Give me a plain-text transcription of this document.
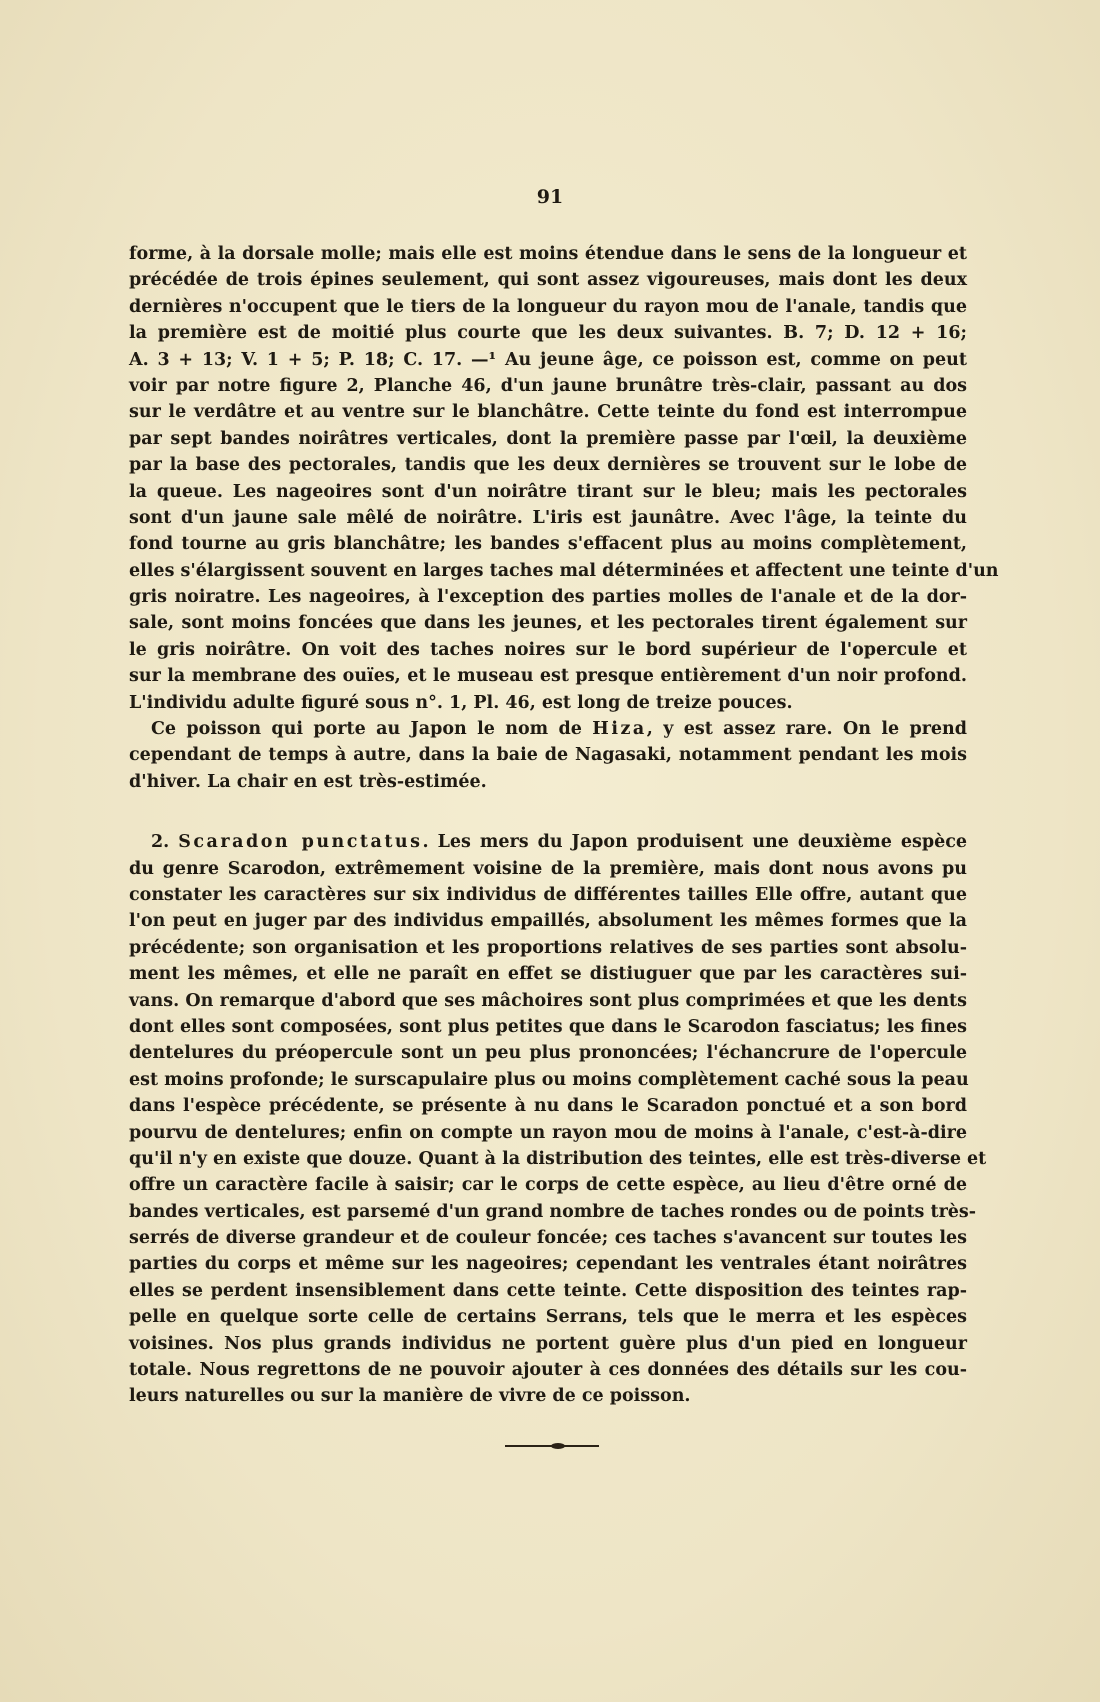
91
forme, à la dorsale molle; mais elle est moins étendue dans le sens de la longueur et
précédée de trois épines seulement, qui sont assez vigoureuses, mais dont les deux
dernières n'occupent que le tiers de la longueur du rayon mou de l'anale, tandis que
la première est de moitié plus courte que les deux suivantes. B. 7; D. 12 + 16;
A. 3 + 13; V. 1 + 5; P. 18; C. 17. —¹ Au jeune âge, ce poisson est, comme on peut
voir par notre figure 2, Planche 46, d'un jaune brunâtre très-clair, passant au dos
sur le verdâtre et au ventre sur le blanchâtre. Cette teinte du fond est interrompue
par sept bandes noirâtres verticales, dont la première passe par l'œil, la deuxième
par la base des pectorales, tandis que les deux dernières se trouvent sur le lobe de
la queue. Les nageoires sont d'un noirâtre tirant sur le bleu; mais les pectorales
sont d'un jaune sale mêlé de noirâtre. L'iris est jaunâtre. Avec l'âge, la teinte du
fond tourne au gris blanchâtre; les bandes s'effacent plus au moins complètement,
elles s'élargissent souvent en larges taches mal déterminées et affectent une teinte d'un
gris noiratre. Les nageoires, à l'exception des parties molles de l'anale et de la dor-
sale, sont moins foncées que dans les jeunes, et les pectorales tirent également sur
le gris noirâtre. On voit des taches noires sur le bord supérieur de l'opercule et
sur la membrane des ouïes, et le museau est presque entièrement d'un noir profond.
L'individu adulte figuré sous n°. 1, Pl. 46, est long de treize pouces.
Ce poisson qui porte au Japon le nom de Hiza, y est assez rare. On le prend
cependant de temps à autre, dans la baie de Nagasaki, notamment pendant les mois
d'hiver. La chair en est très-estimée.
2. Scaradon punctatus. Les mers du Japon produisent une deuxième espèce
du genre Scarodon, extrêmement voisine de la première, mais dont nous avons pu
constater les caractères sur six individus de différentes tailles Elle offre, autant que
l'on peut en juger par des individus empaillés, absolument les mêmes formes que la
précédente; son organisation et les proportions relatives de ses parties sont absolu-
ment les mêmes, et elle ne paraît en effet se distiuguer que par les caractères sui-
vans. On remarque d'abord que ses mâchoires sont plus comprimées et que les dents
dont elles sont composées, sont plus petites que dans le Scarodon fasciatus; les fines
dentelures du préopercule sont un peu plus prononcées; l'échancrure de l'opercule
est moins profonde; le surscapulaire plus ou moins complètement caché sous la peau
dans l'espèce précédente, se présente à nu dans le Scaradon ponctué et a son bord
pourvu de dentelures; enfin on compte un rayon mou de moins à l'anale, c'est-à-dire
qu'il n'y en existe que douze. Quant à la distribution des teintes, elle est très-diverse et
offre un caractère facile à saisir; car le corps de cette espèce, au lieu d'être orné de
bandes verticales, est parsemé d'un grand nombre de taches rondes ou de points très-
serrés de diverse grandeur et de couleur foncée; ces taches s'avancent sur toutes les
parties du corps et même sur les nageoires; cependant les ventrales étant noirâtres
elles se perdent insensiblement dans cette teinte. Cette disposition des teintes rap-
pelle en quelque sorte celle de certains Serrans, tels que le merra et les espèces
voisines. Nos plus grands individus ne portent guère plus d'un pied en longueur
totale. Nous regrettons de ne pouvoir ajouter à ces données des détails sur les cou-
leurs naturelles ou sur la manière de vivre de ce poisson.
